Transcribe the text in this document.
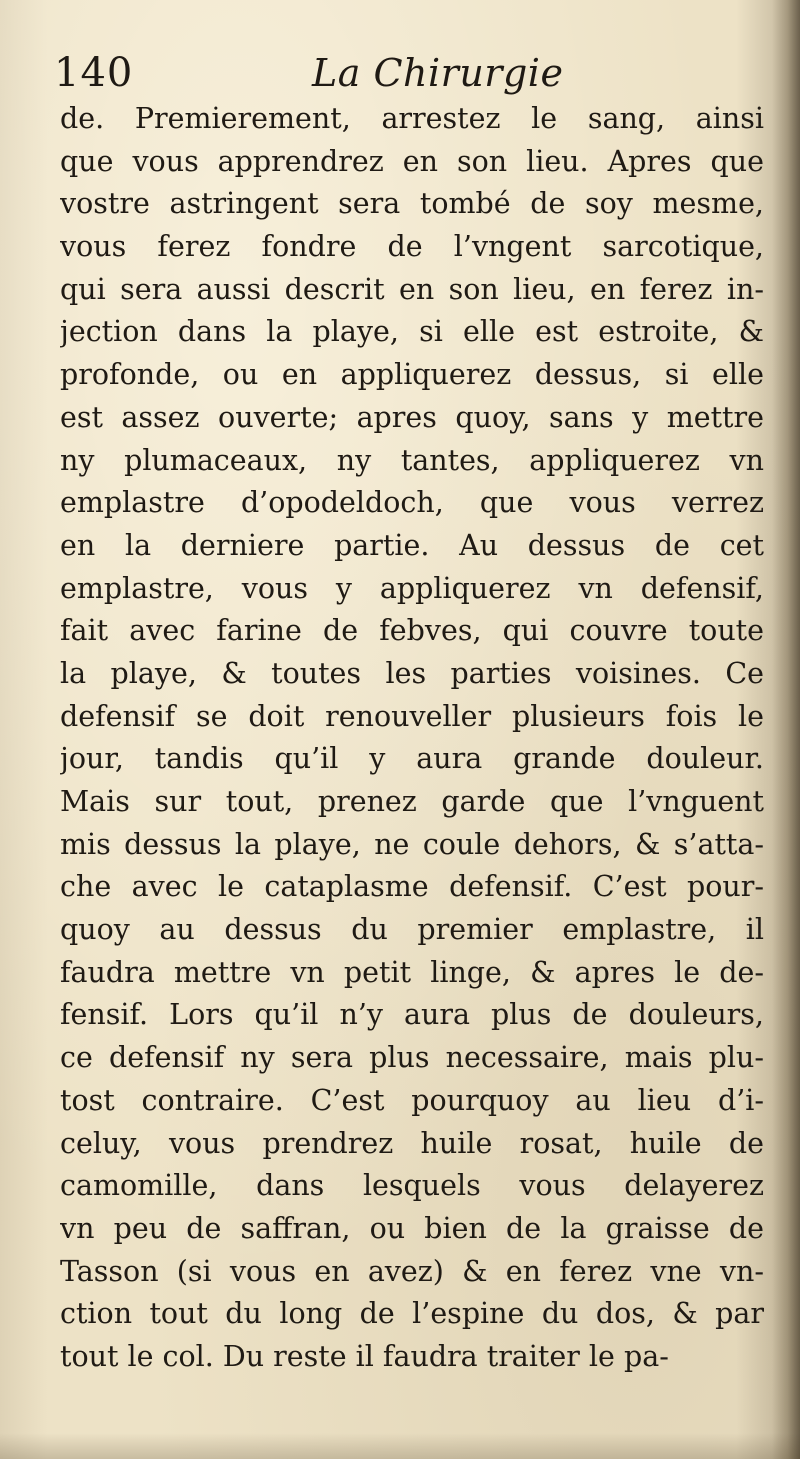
140	La Chirurgie
de. Premierement, arrestez le sang, ainsi
que vous apprendrez en son lieu. Apres que
vostre astringent sera tombé de soy mesme,
vous ferez fondre de l’vngent sarcotique,
qui sera aussi descrit en son lieu, en ferez in-
jection dans la playe, si elle est estroite, &
profonde, ou en appliquerez dessus, si elle
est assez ouverte; apres quoy, sans y mettre
ny plumaceaux, ny tantes, appliquerez vn
emplastre d’opodeldoch, que vous verrez
en la derniere partie. Au dessus de cet
emplastre, vous y appliquerez vn defensif,
fait avec farine de febves, qui couvre toute
la playe, & toutes les parties voisines. Ce
defensif se doit renouveller plusieurs fois le
jour, tandis qu’il y aura grande douleur.
Mais sur tout, prenez garde que l’vnguent
mis dessus la playe, ne coule dehors, & s’atta-
che avec le cataplasme defensif. C’est pour-
quoy au dessus du premier emplastre, il
faudra mettre vn petit linge, & apres le de-
fensif. Lors qu’il n’y aura plus de douleurs,
ce defensif ny sera plus necessaire, mais plu-
tost contraire. C’est pourquoy au lieu d’i-
celuy, vous prendrez huile rosat, huile de
camomille, dans lesquels vous delayerez
vn peu de saffran, ou bien de la graisse de
Tasson (si vous en avez) & en ferez vne vn-
ction tout du long de l’espine du dos, & par
tout le col. Du reste il faudra traiter le pa-
